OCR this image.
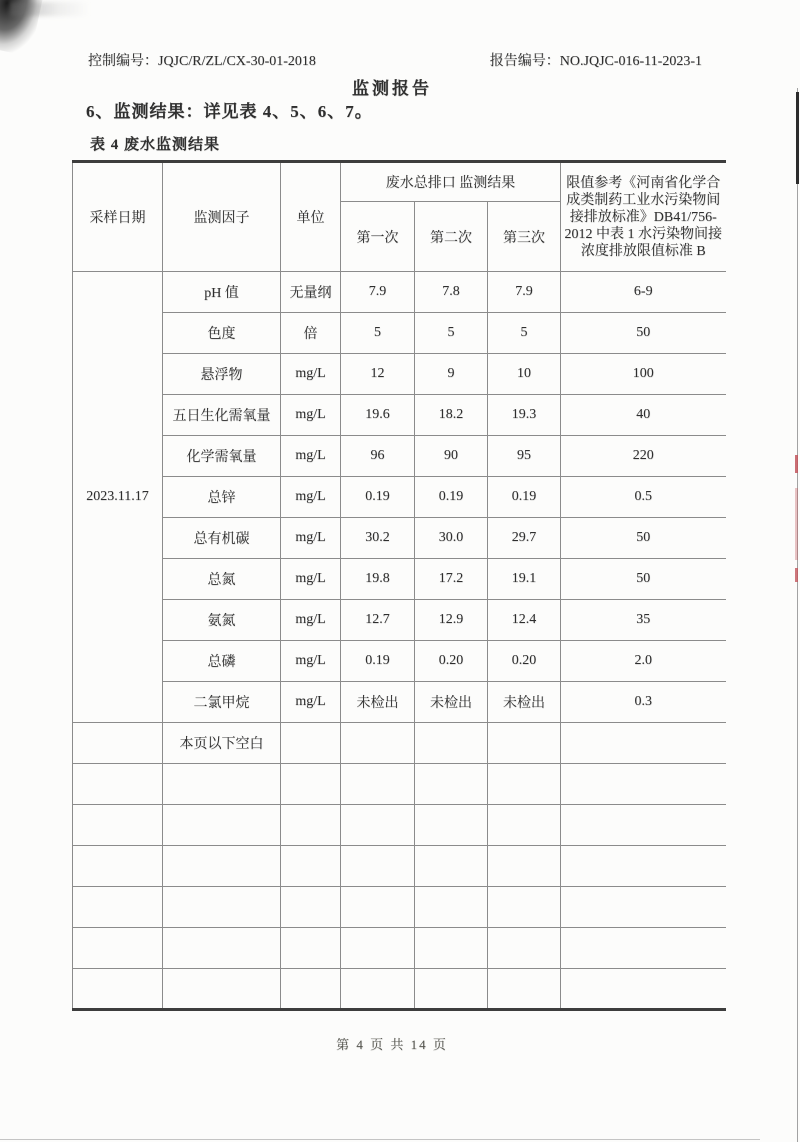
控制编号：JQJC/R/ZL/CX-30-01-2018	报告编号：NO.JQJC-016-11-2023-1
监测报告
6、监测结果：详见表 4、5、6、7。
表 4 废水监测结果
采样日期	监测因子	单位	废水总排口 监测结果			限值参考《河南省化学合成类制药工业水污染物间接排放标准》DB41/756-2012 中表 1 水污染物间接浓度排放限值标准 B
			第一次	第二次	第三次	
2023.11.17	pH 值	无量纲	7.9	7.8	7.9	6-9
	色度	倍	5	5	5	50
	悬浮物	mg/L	12	9	10	100
	五日生化需氧量	mg/L	19.6	18.2	19.3	40
	化学需氧量	mg/L	96	90	95	220
	总锌	mg/L	0.19	0.19	0.19	0.5
	总有机碳	mg/L	30.2	30.0	29.7	50
	总氮	mg/L	19.8	17.2	19.1	50
	氨氮	mg/L	12.7	12.9	12.4	35
	总磷	mg/L	0.19	0.20	0.20	2.0
	二氯甲烷	mg/L	未检出	未检出	未检出	0.3
	本页以下空白					

第 4 页 共 14 页
